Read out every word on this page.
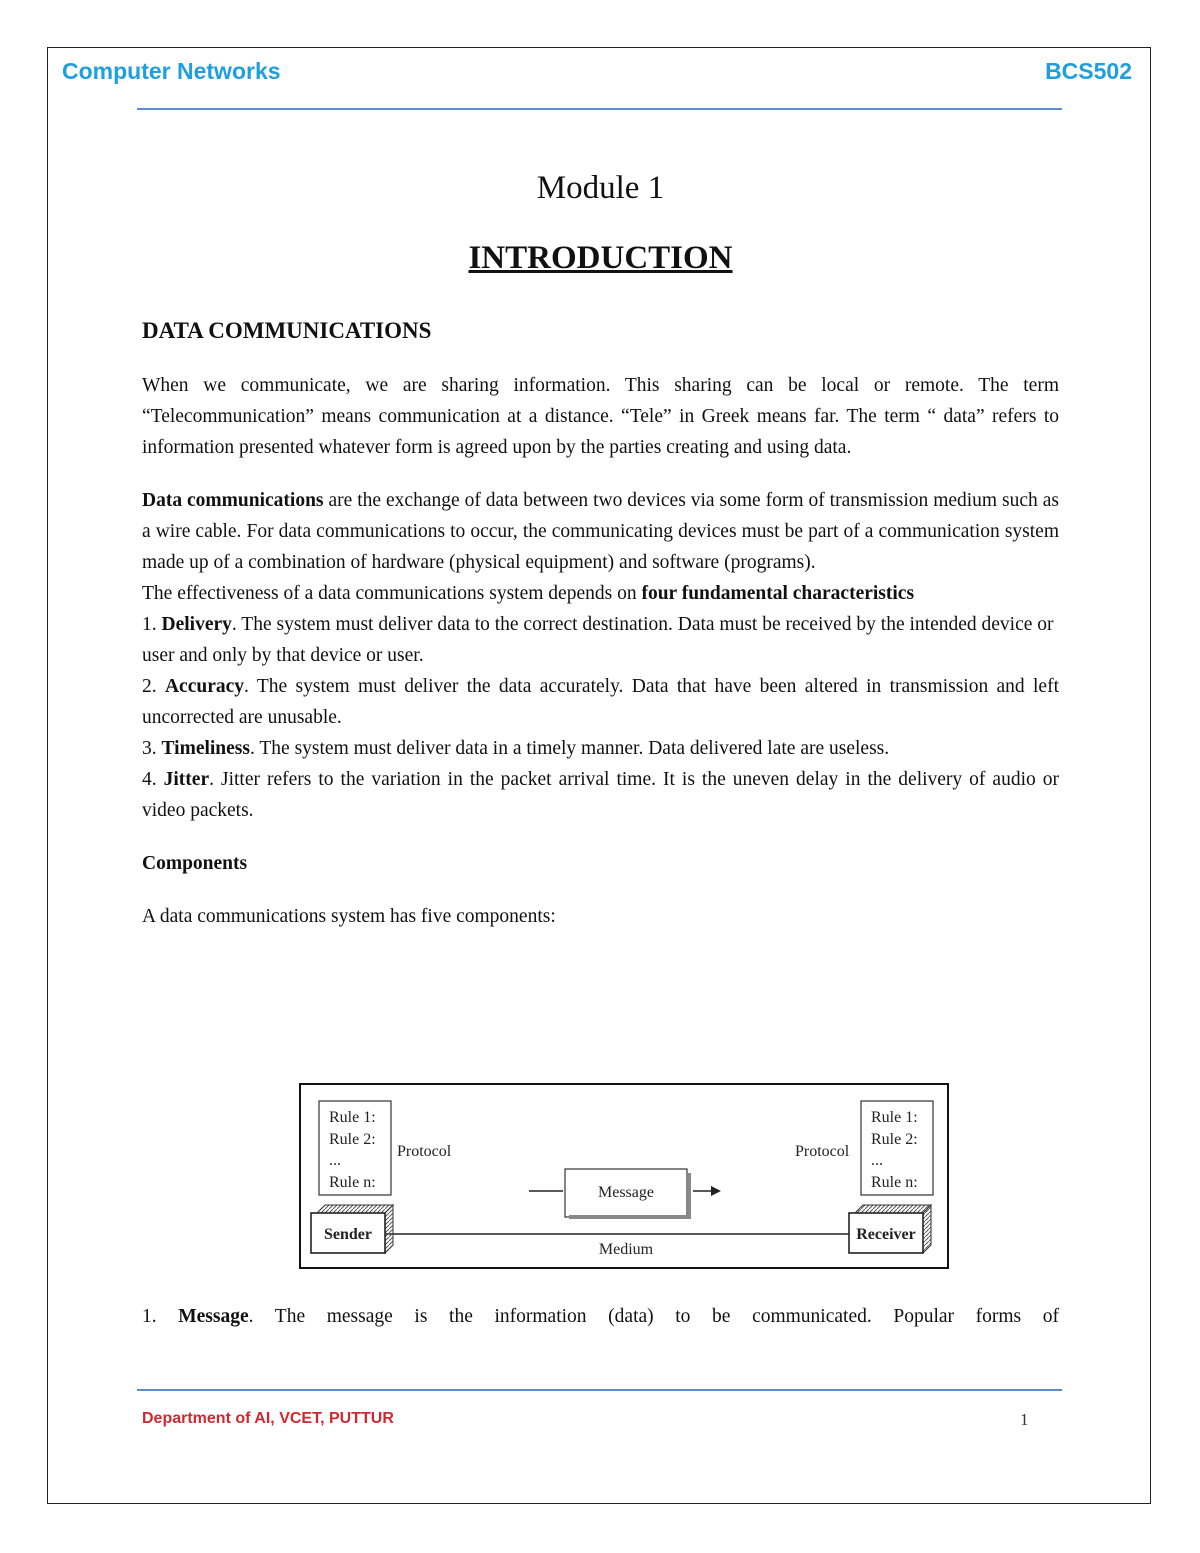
Computer Networks	BCS502
Module 1
INTRODUCTION
DATA COMMUNICATIONS

When we communicate, we are sharing information. This sharing can be local or remote. The term “Telecommunication” means communication at a distance. “Tele” in Greek means far. The term “ data” refers to information presented whatever form is agreed upon by the parties creating and using data.

Data communications are the exchange of data between two devices via some form of transmission medium such as a wire cable. For data communications to occur, the communicating devices must be part of a communication system made up of a combination of hardware (physical equipment) and software (programs).

The effectiveness of a data communications system depends on four fundamental characteristics

1. Delivery. The system must deliver data to the correct destination. Data must be received by the intended device or user and only by that device or user.

2. Accuracy. The system must deliver the data accurately. Data that have been altered in transmission and left uncorrected are unusable.

3. Timeliness. The system must deliver data in a timely manner. Data delivered late are useless.

4. Jitter. Jitter refers to the variation in the packet arrival time. It is the uneven delay in the delivery of audio or video packets.

Components

A data communications system has five components:

Rule 1:
Rule 2:
...
Rule n:
Protocol
Rule 1:
Rule 2:
...
Rule n:
Protocol
Message
Medium
Sender	Receiver

1. Message. The message is the information (data) to be communicated. Popular forms of

Department of AI, VCET, PUTTUR	1
